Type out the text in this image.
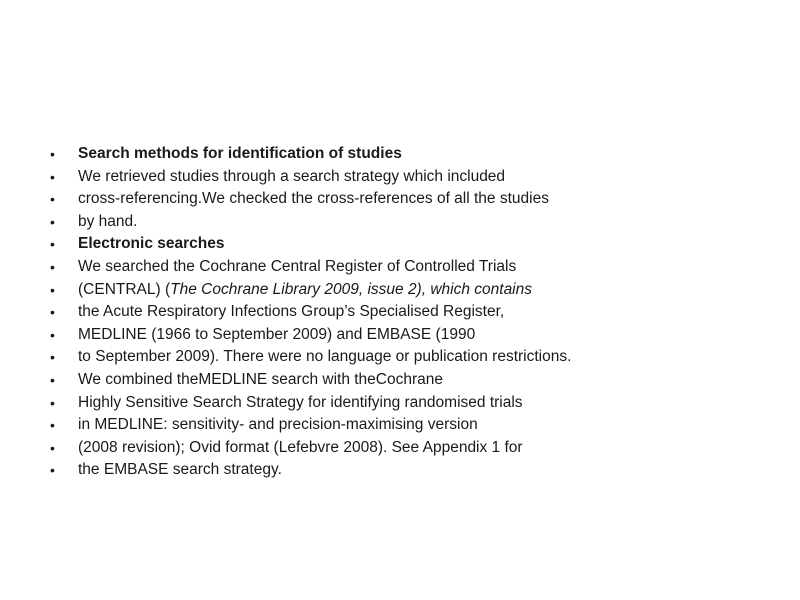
• Search methods for identification of studies
• We retrieved studies through a search strategy which included
• cross-referencing.We checked the cross-references of all the studies
• by hand.
• Electronic searches
• We searched the Cochrane Central Register of Controlled Trials
• (CENTRAL) (The Cochrane Library 2009, issue 2), which contains
• the Acute Respiratory Infections Group’s Specialised Register,
• MEDLINE (1966 to September 2009) and EMBASE (1990
• to September 2009). There were no language or publication restrictions.
• We combined theMEDLINE search with theCochrane
• Highly Sensitive Search Strategy for identifying randomised trials
• in MEDLINE: sensitivity- and precision-maximising version
• (2008 revision); Ovid format (Lefebvre 2008). See Appendix 1 for
• the EMBASE search strategy.
